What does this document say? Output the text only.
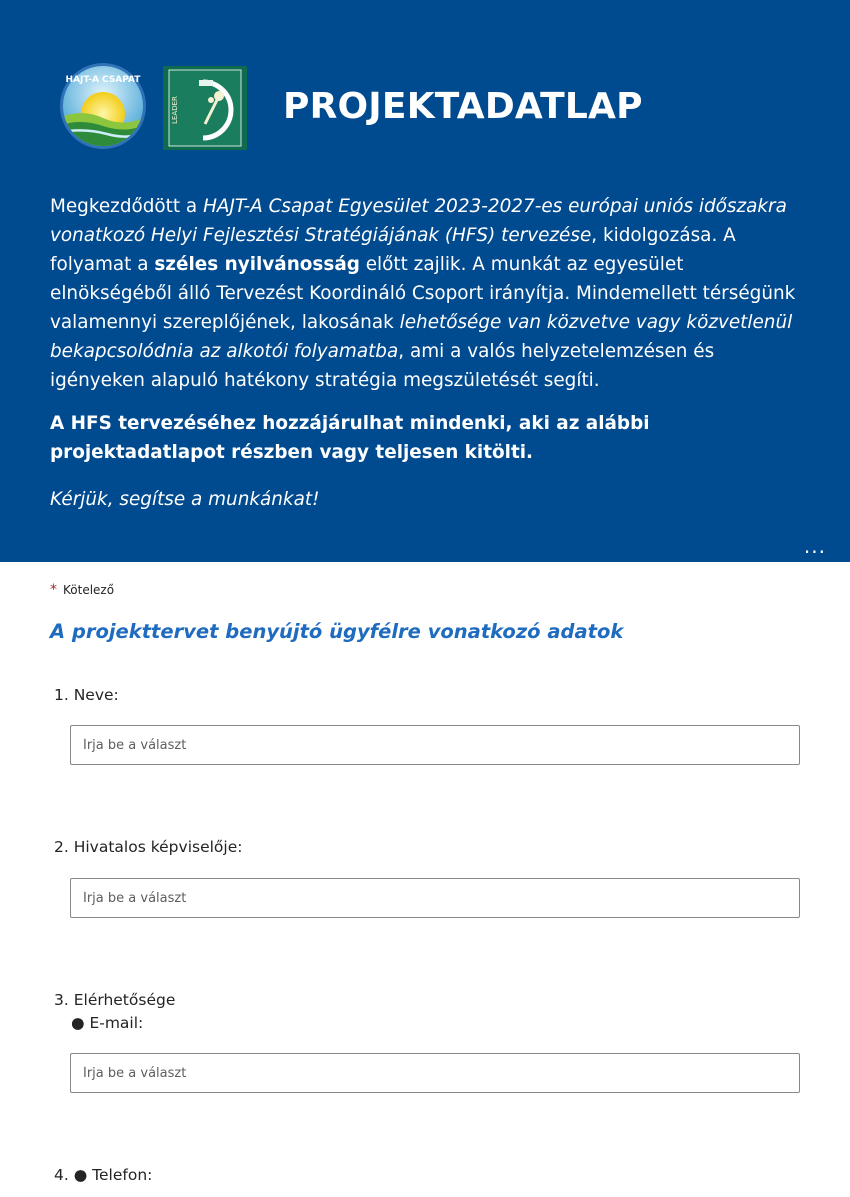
HAJT-A CSAPAT
LEADER	PROJEKTADATLAP

Megkezdődött a HAJT-A Csapat Egyesület 2023-2027-es európai uniós időszakra vonatkozó Helyi Fejlesztési Stratégiájának (HFS) tervezése, kidolgozása. A folyamat a széles nyilvánosság előtt zajlik. A munkát az egyesület elnökségéből álló Tervezést Koordináló Csoport irányítja. Mindemellett térségünk valamennyi szereplőjének, lakosának lehetősége van közvetve vagy közvetlenül bekapcsolódnia az alkotói folyamatba, ami a valós helyzetelemzésen és igényeken alapuló hatékony stratégia megszületését segíti.

A HFS tervezéséhez hozzájárulhat mindenki, aki az alábbi projektadatlapot részben vagy teljesen kitölti.

Kérjük, segítse a munkánkat!

...
* Kötelező
A projekttervet benyújtó ügyfélre vonatkozó adatok
1. Neve:
Írja be a választ
2. Hivatalos képviselője:
Írja be a választ
3. Elérhetősége
● E-mail:
Írja be a választ
4. ● Telefon:
